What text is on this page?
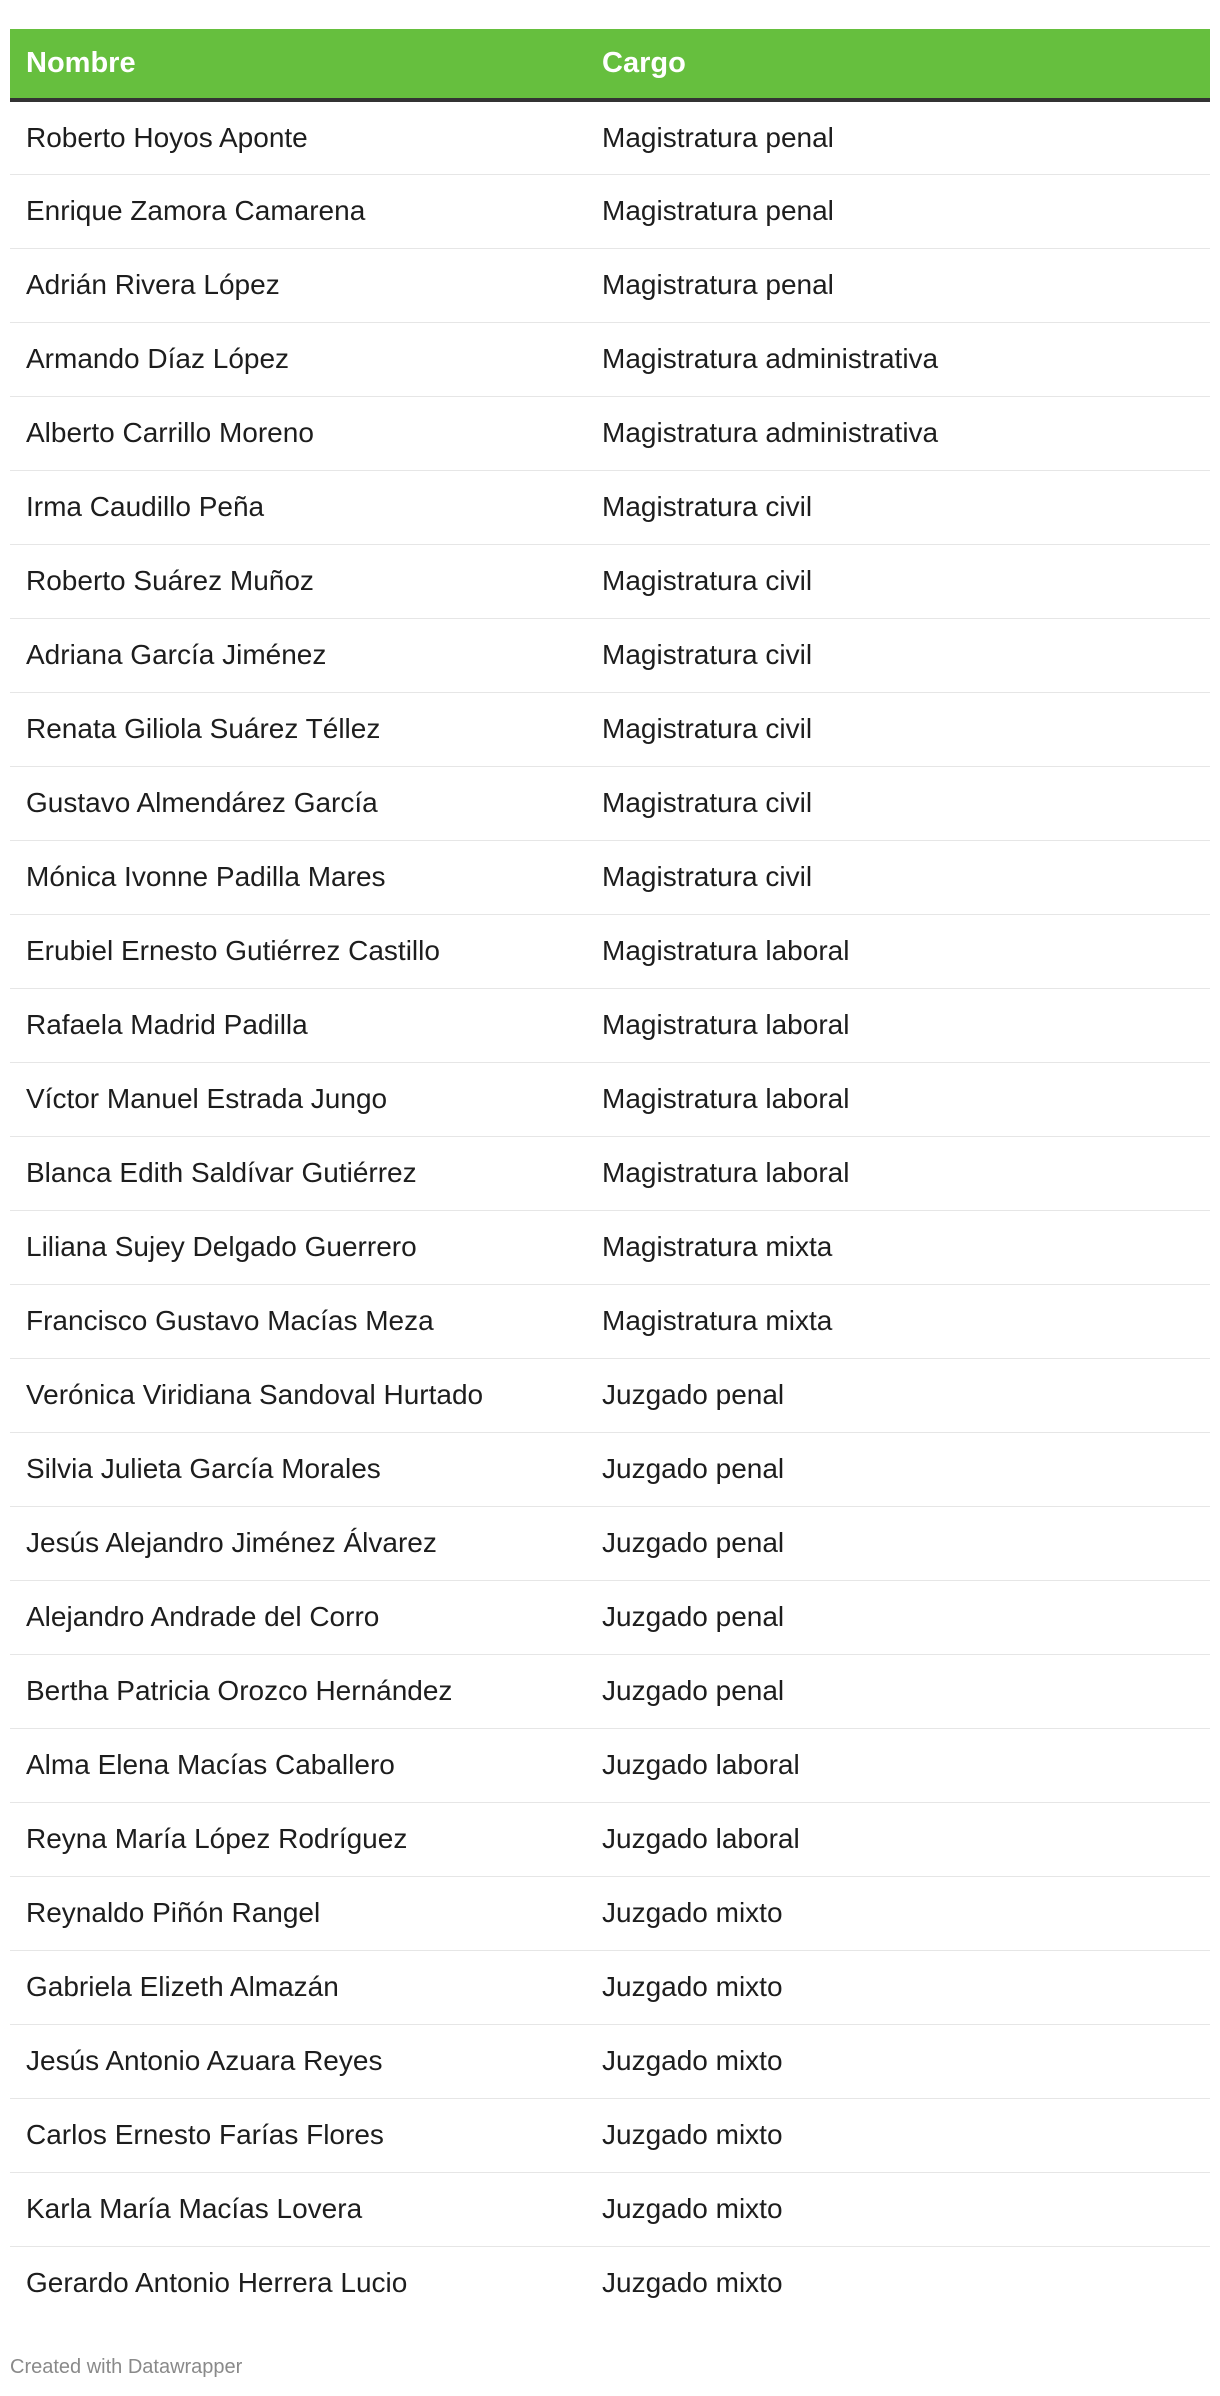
Nombre	Cargo
Roberto Hoyos Aponte	Magistratura penal
Enrique Zamora Camarena	Magistratura penal
Adrián Rivera López	Magistratura penal
Armando Díaz López	Magistratura administrativa
Alberto Carrillo Moreno	Magistratura administrativa
Irma Caudillo Peña	Magistratura civil
Roberto Suárez Muñoz	Magistratura civil
Adriana García Jiménez	Magistratura civil
Renata Giliola Suárez Téllez	Magistratura civil
Gustavo Almendárez García	Magistratura civil
Mónica Ivonne Padilla Mares	Magistratura civil
Erubiel Ernesto Gutiérrez Castillo	Magistratura laboral
Rafaela Madrid Padilla	Magistratura laboral
Víctor Manuel Estrada Jungo	Magistratura laboral
Blanca Edith Saldívar Gutiérrez	Magistratura laboral
Liliana Sujey Delgado Guerrero	Magistratura mixta
Francisco Gustavo Macías Meza	Magistratura mixta
Verónica Viridiana Sandoval Hurtado	Juzgado penal
Silvia Julieta García Morales	Juzgado penal
Jesús Alejandro Jiménez Álvarez	Juzgado penal
Alejandro Andrade del Corro	Juzgado penal
Bertha Patricia Orozco Hernández	Juzgado penal
Alma Elena Macías Caballero	Juzgado laboral
Reyna María López Rodríguez	Juzgado laboral
Reynaldo Piñón Rangel	Juzgado mixto
Gabriela Elizeth Almazán	Juzgado mixto
Jesús Antonio Azuara Reyes	Juzgado mixto
Carlos Ernesto Farías Flores	Juzgado mixto
Karla María Macías Lovera	Juzgado mixto
Gerardo Antonio Herrera Lucio	Juzgado mixto
Created with Datawrapper
